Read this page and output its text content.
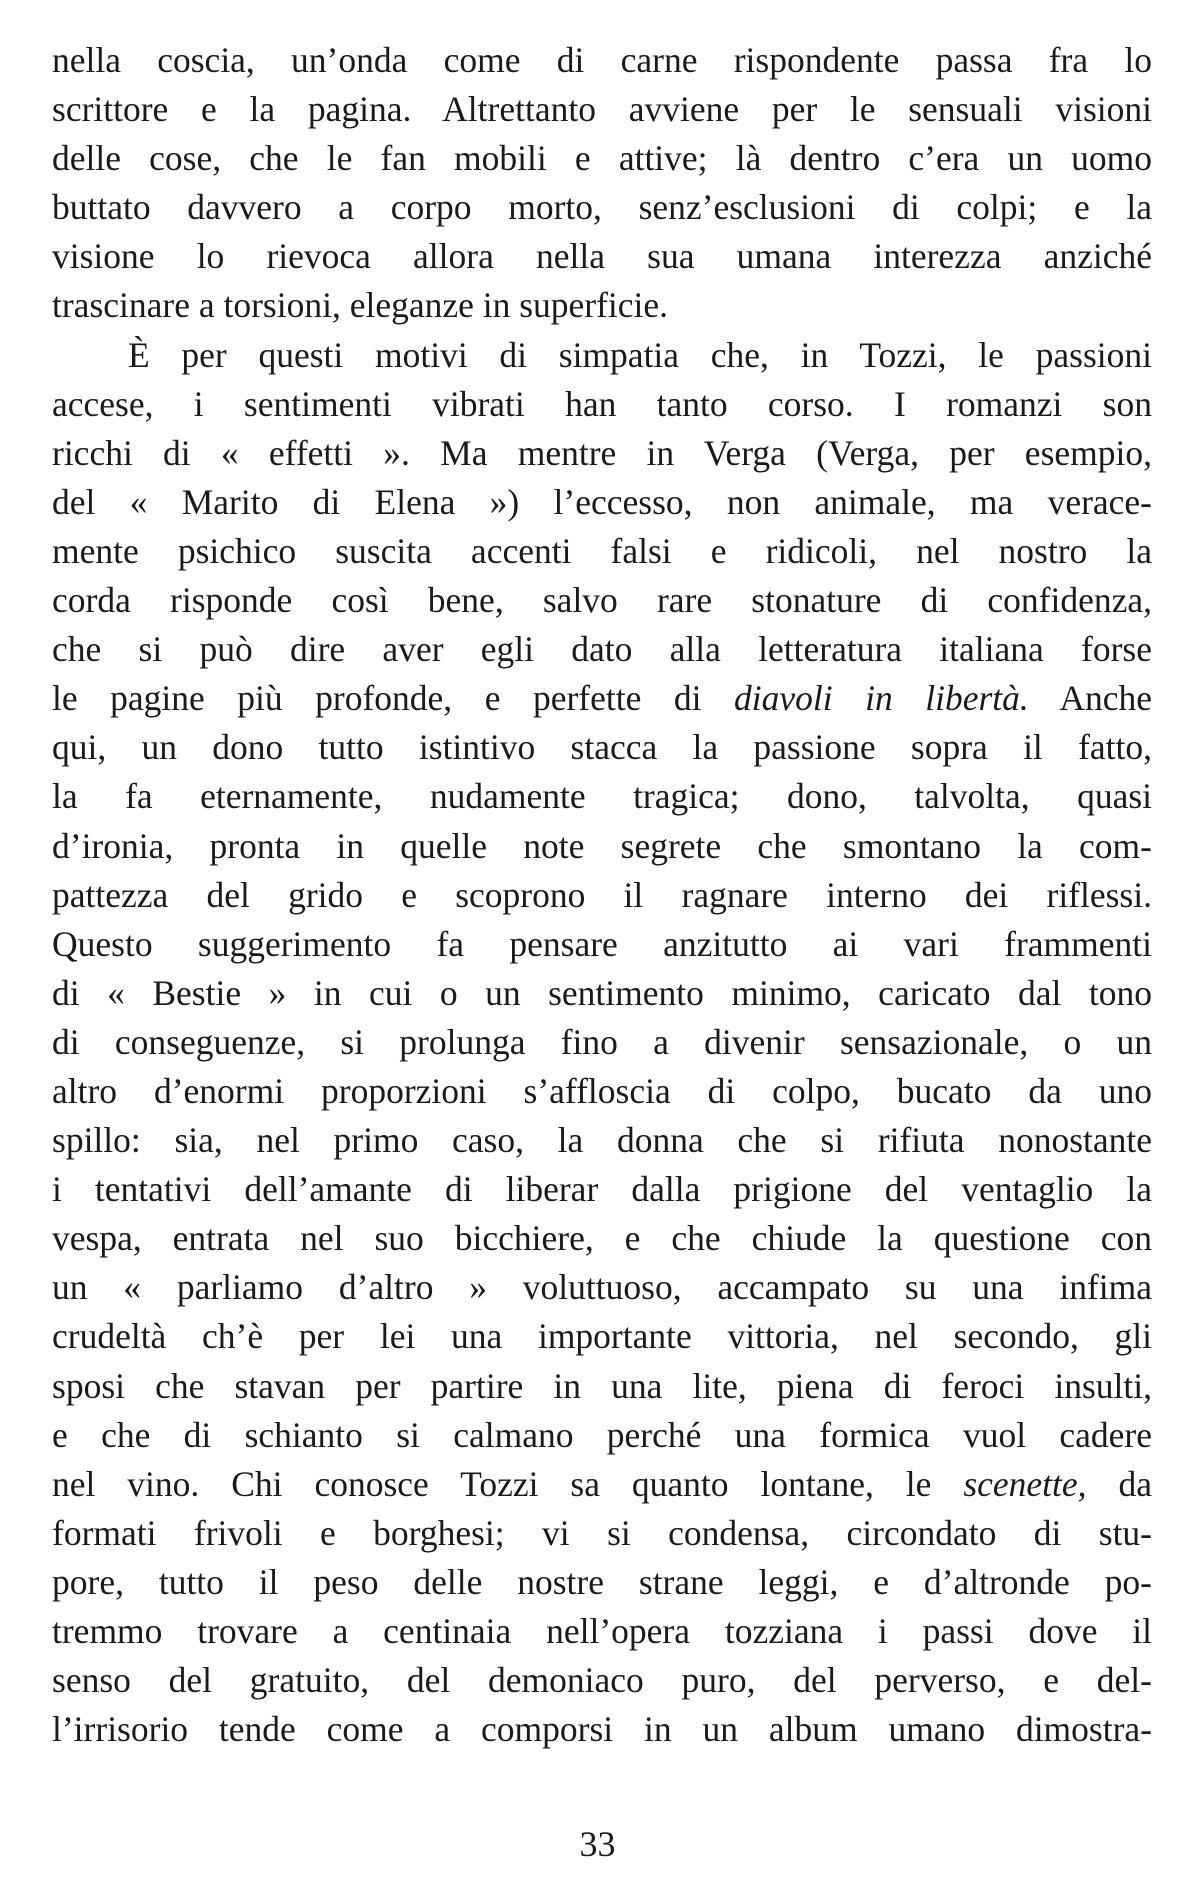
nella coscia, un’onda come di carne rispondente passa fra lo
scrittore e la pagina. Altrettanto avviene per le sensuali visioni
delle cose, che le fan mobili e attive; là dentro c’era un uomo
buttato davvero a corpo morto, senz’esclusioni di colpi; e la
visione lo rievoca allora nella sua umana interezza anziché
trascinare a torsioni, eleganze in superficie.
È per questi motivi di simpatia che, in Tozzi, le passioni
accese, i sentimenti vibrati han tanto corso. I romanzi son
ricchi di « effetti ». Ma mentre in Verga (Verga, per esempio,
del « Marito di Elena ») l’eccesso, non animale, ma verace-
mente psichico suscita accenti falsi e ridicoli, nel nostro la
corda risponde così bene, salvo rare stonature di confidenza,
che si può dire aver egli dato alla letteratura italiana forse
le pagine più profonde, e perfette di diavoli in libertà. Anche
qui, un dono tutto istintivo stacca la passione sopra il fatto,
la fa eternamente, nudamente tragica; dono, talvolta, quasi
d’ironia, pronta in quelle note segrete che smontano la com-
pattezza del grido e scoprono il ragnare interno dei riflessi.
Questo suggerimento fa pensare anzitutto ai vari frammenti
di « Bestie » in cui o un sentimento minimo, caricato dal tono
di conseguenze, si prolunga fino a divenir sensazionale, o un
altro d’enormi proporzioni s’affloscia di colpo, bucato da uno
spillo: sia, nel primo caso, la donna che si rifiuta nonostante
i tentativi dell’amante di liberar dalla prigione del ventaglio la
vespa, entrata nel suo bicchiere, e che chiude la questione con
un « parliamo d’altro » voluttuoso, accampato su una infima
crudeltà ch’è per lei una importante vittoria, nel secondo, gli
sposi che stavan per partire in una lite, piena di feroci insulti,
e che di schianto si calmano perché una formica vuol cadere
nel vino. Chi conosce Tozzi sa quanto lontane, le scenette, da
formati frivoli e borghesi; vi si condensa, circondato di stu-
pore, tutto il peso delle nostre strane leggi, e d’altronde po-
tremmo trovare a centinaia nell’opera tozziana i passi dove il
senso del gratuito, del demoniaco puro, del perverso, e del-
l’irrisorio tende come a comporsi in un album umano dimostra-
33
